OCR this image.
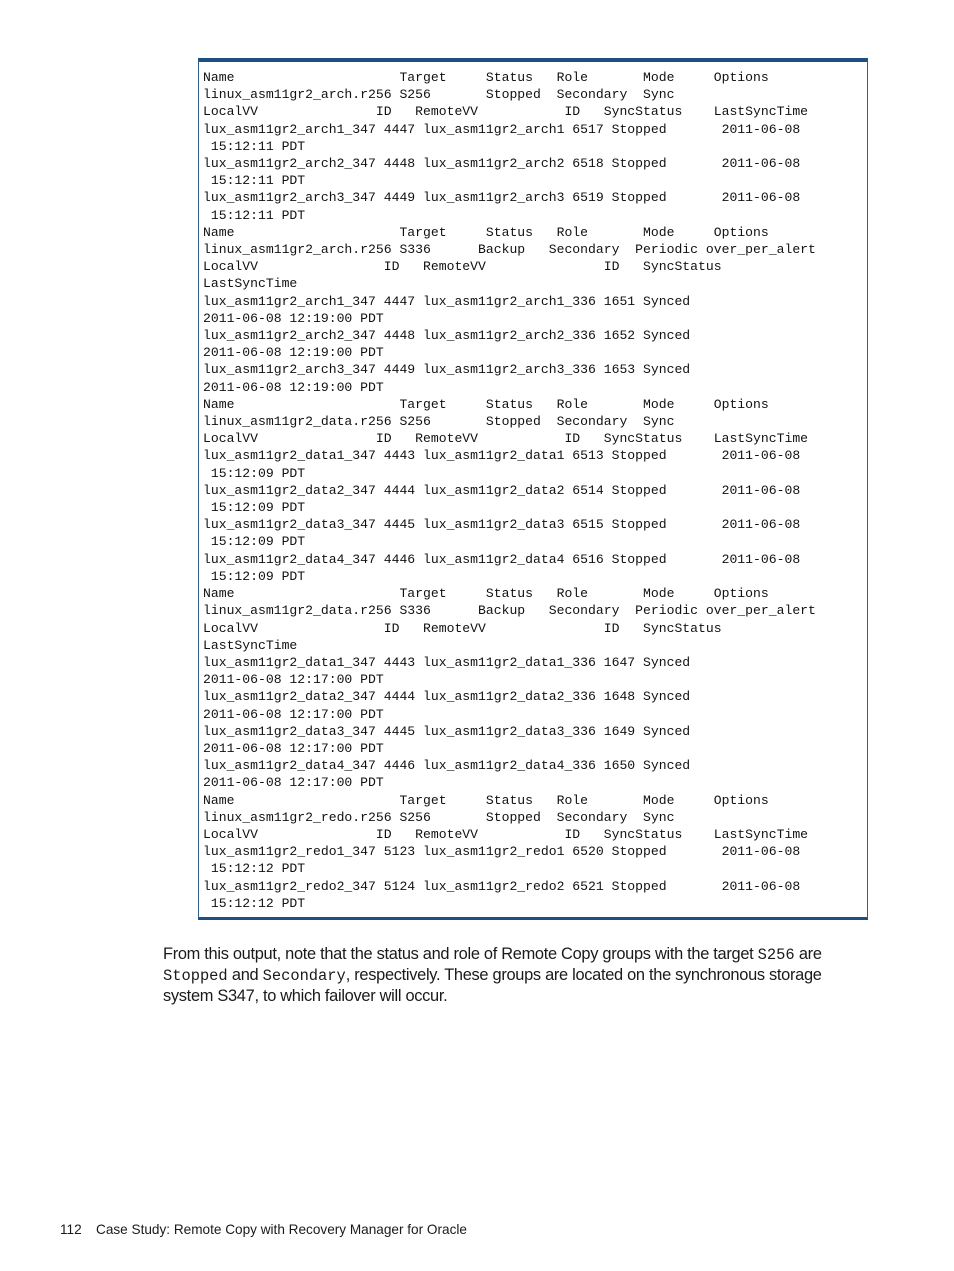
Name                     Target     Status   Role       Mode     Options
linux_asm11gr2_arch.r256 S256       Stopped  Secondary  Sync
LocalVV               ID   RemoteVV           ID   SyncStatus    LastSyncTime
lux_asm11gr2_arch1_347 4447 lux_asm11gr2_arch1 6517 Stopped       2011-06-08
15:12:11 PDT
lux_asm11gr2_arch2_347 4448 lux_asm11gr2_arch2 6518 Stopped       2011-06-08
15:12:11 PDT
lux_asm11gr2_arch3_347 4449 lux_asm11gr2_arch3 6519 Stopped       2011-06-08
15:12:11 PDT
Name                     Target     Status   Role       Mode     Options
linux_asm11gr2_arch.r256 S336      Backup   Secondary  Periodic over_per_alert
LocalVV                ID   RemoteVV               ID   SyncStatus
LastSyncTime
lux_asm11gr2_arch1_347 4447 lux_asm11gr2_arch1_336 1651 Synced
2011-06-08 12:19:00 PDT
lux_asm11gr2_arch2_347 4448 lux_asm11gr2_arch2_336 1652 Synced
2011-06-08 12:19:00 PDT
lux_asm11gr2_arch3_347 4449 lux_asm11gr2_arch3_336 1653 Synced
2011-06-08 12:19:00 PDT
Name                     Target     Status   Role       Mode     Options
linux_asm11gr2_data.r256 S256       Stopped  Secondary  Sync
LocalVV               ID   RemoteVV           ID   SyncStatus    LastSyncTime
lux_asm11gr2_data1_347 4443 lux_asm11gr2_data1 6513 Stopped       2011-06-08
15:12:09 PDT
lux_asm11gr2_data2_347 4444 lux_asm11gr2_data2 6514 Stopped       2011-06-08
15:12:09 PDT
lux_asm11gr2_data3_347 4445 lux_asm11gr2_data3 6515 Stopped       2011-06-08
15:12:09 PDT
lux_asm11gr2_data4_347 4446 lux_asm11gr2_data4 6516 Stopped       2011-06-08
15:12:09 PDT
Name                     Target     Status   Role       Mode     Options
linux_asm11gr2_data.r256 S336      Backup   Secondary  Periodic over_per_alert
LocalVV                ID   RemoteVV               ID   SyncStatus
LastSyncTime
lux_asm11gr2_data1_347 4443 lux_asm11gr2_data1_336 1647 Synced
2011-06-08 12:17:00 PDT
lux_asm11gr2_data2_347 4444 lux_asm11gr2_data2_336 1648 Synced
2011-06-08 12:17:00 PDT
lux_asm11gr2_data3_347 4445 lux_asm11gr2_data3_336 1649 Synced
2011-06-08 12:17:00 PDT
lux_asm11gr2_data4_347 4446 lux_asm11gr2_data4_336 1650 Synced
2011-06-08 12:17:00 PDT
Name                     Target     Status   Role       Mode     Options
linux_asm11gr2_redo.r256 S256       Stopped  Secondary  Sync
LocalVV               ID   RemoteVV           ID   SyncStatus    LastSyncTime
lux_asm11gr2_redo1_347 5123 lux_asm11gr2_redo1 6520 Stopped       2011-06-08
15:12:12 PDT
lux_asm11gr2_redo2_347 5124 lux_asm11gr2_redo2 6521 Stopped       2011-06-08
15:12:12 PDT

From this output, note that the status and role of Remote Copy groups with the target S256 are Stopped and Secondary, respectively. These groups are located on the synchronous storage system S347, to which failover will occur.

112 Case Study: Remote Copy with Recovery Manager for Oracle
